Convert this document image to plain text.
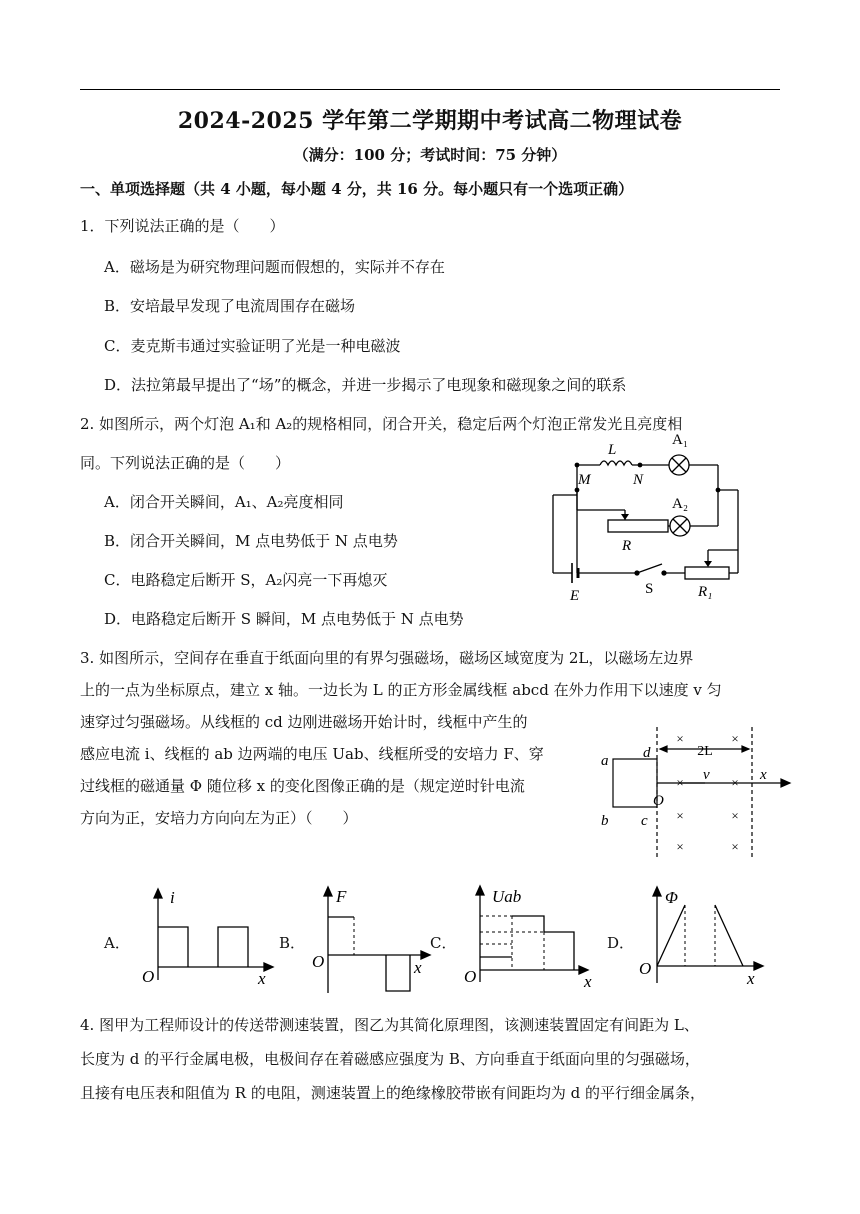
2024-2025 学年第二学期期中考试高二物理试卷
（满分：100 分；考试时间：75 分钟）
一、单项选择题（共 4 小题，每小题 4 分，共 16 分。每小题只有一个选项正确）
1．下列说法正确的是（　　）
A．磁场是为研究物理问题而假想的，实际并不存在
B．安培最早发现了电流周围存在磁场
C．麦克斯韦通过实验证明了光是一种电磁波
D．法拉第最早提出了“场”的概念，并进一步揭示了电现象和磁现象之间的联系
2. 如图所示，两个灯泡 A₁和 A₂的规格相同，闭合开关，稳定后两个灯泡正常发光且亮度相
同。下列说法正确的是（　　）
A．闭合开关瞬间，A₁、A₂亮度相同
B．闭合开关瞬间，M 点电势低于 N 点电势
C．电路稳定后断开 S，A₂闪亮一下再熄灭
D．电路稳定后断开 S 瞬间，M 点电势低于 N 点电势
L
M	N
R
R₁
E
A₁
A₂
S
3. 如图所示，空间存在垂直于纸面向里的有界匀强磁场，磁场区域宽度为 2L，以磁场左边界
上的一点为坐标原点，建立 x 轴。一边长为 L 的正方形金属线框 abcd 在外力作用下以速度 v 匀
速穿过匀强磁场。从线框的 cd 边刚进磁场开始计时，线框中产生的
感应电流 i、线框的 ab 边两端的电压 Uab、线框所受的安培力 F、穿
过线框的磁通量 Φ 随位移 x 的变化图像正确的是（规定逆时针电流
方向为正，安培力方向向左为正）（　　）
×	×
×	×
×	×
×	×
2L
a
b c
d
v	x
O
A．
i
x
O
B．
F
x
O
C．
Uab
x
O
D．
Φ
x
O
4. 图甲为工程师设计的传送带测速装置，图乙为其简化原理图，该测速装置固定有间距为 L、
长度为 d 的平行金属电极，电极间存在着磁感应强度为 B、方向垂直于纸面向里的匀强磁场，
且接有电压表和阻值为 R 的电阻，测速装置上的绝缘橡胶带嵌有间距均为 d 的平行细金属条，
